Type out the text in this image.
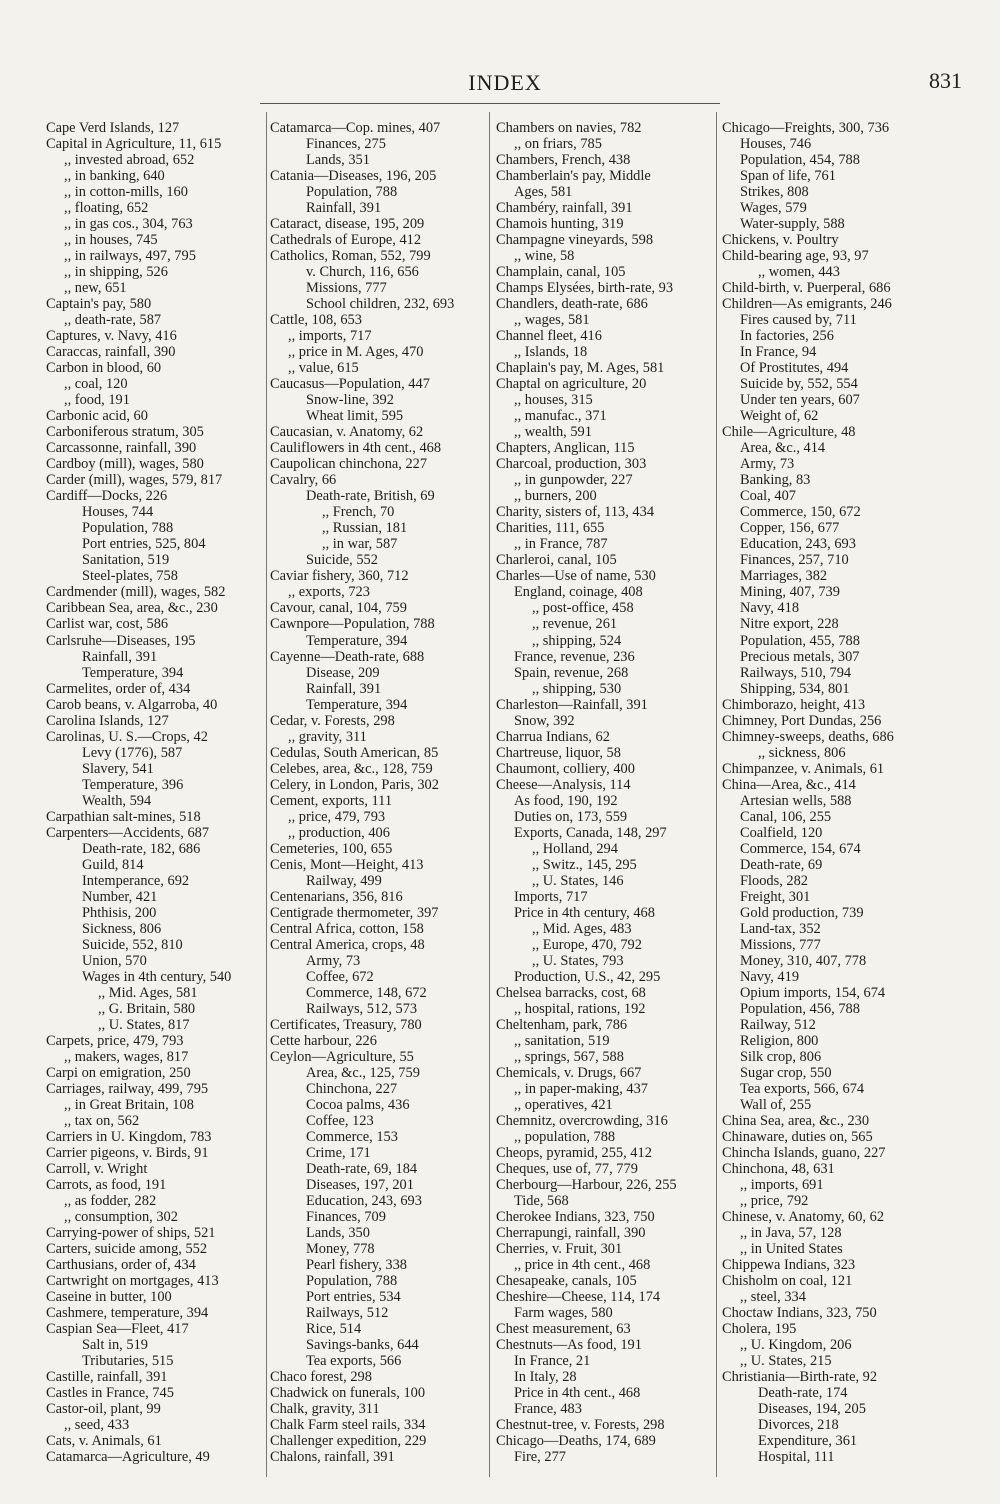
INDEX	831
Cape Verd Islands, 127
Capital in Agriculture, 11, 615
,, invested abroad, 652
,, in banking, 640
,, in cotton-mills, 160
,, floating, 652
,, in gas cos., 304, 763
,, in houses, 745
,, in railways, 497, 795
,, in shipping, 526
,, new, 651
Captain's pay, 580
,, death-rate, 587
Captures, v. Navy, 416
Caraccas, rainfall, 390
Carbon in blood, 60
,, coal, 120
,, food, 191
Carbonic acid, 60
Carboniferous stratum, 305
Carcassonne, rainfall, 390
Cardboy (mill), wages, 580
Carder (mill), wages, 579, 817
Cardiff—Docks, 226
Houses, 744
Population, 788
Port entries, 525, 804
Sanitation, 519
Steel-plates, 758
Cardmender (mill), wages, 582
Caribbean Sea, area, &c., 230
Carlist war, cost, 586
Carlsruhe—Diseases, 195
Rainfall, 391
Temperature, 394
Carmelites, order of, 434
Carob beans, v. Algarroba, 40
Carolina Islands, 127
Carolinas, U. S.—Crops, 42
Levy (1776), 587
Slavery, 541
Temperature, 396
Wealth, 594
Carpathian salt-mines, 518
Carpenters—Accidents, 687
Death-rate, 182, 686
Guild, 814
Intemperance, 692
Number, 421
Phthisis, 200
Sickness, 806
Suicide, 552, 810
Union, 570
Wages in 4th century, 540
,, Mid. Ages, 581
,, G. Britain, 580
,, U. States, 817
Carpets, price, 479, 793
,, makers, wages, 817
Carpi on emigration, 250
Carriages, railway, 499, 795
,, in Great Britain, 108
,, tax on, 562
Carriers in U. Kingdom, 783
Carrier pigeons, v. Birds, 91
Carroll, v. Wright
Carrots, as food, 191
,, as fodder, 282
,, consumption, 302
Carrying-power of ships, 521
Carters, suicide among, 552
Carthusians, order of, 434
Cartwright on mortgages, 413
Caseine in butter, 100
Cashmere, temperature, 394
Caspian Sea—Fleet, 417
Salt in, 519
Tributaries, 515
Castille, rainfall, 391
Castles in France, 745
Castor-oil, plant, 99
,, seed, 433
Cats, v. Animals, 61
Catamarca—Agriculture, 49
Catamarca—Cop. mines, 407
Finances, 275
Lands, 351
Catania—Diseases, 196, 205
Population, 788
Rainfall, 391
Cataract, disease, 195, 209
Cathedrals of Europe, 412
Catholics, Roman, 552, 799
v. Church, 116, 656
Missions, 777
School children, 232, 693
Cattle, 108, 653
,, imports, 717
,, price in M. Ages, 470
,, value, 615
Caucasus—Population, 447
Snow-line, 392
Wheat limit, 595
Caucasian, v. Anatomy, 62
Cauliflowers in 4th cent., 468
Caupolican chinchona, 227
Cavalry, 66
Death-rate, British, 69
,, French, 70
,, Russian, 181
,, in war, 587
Suicide, 552
Caviar fishery, 360, 712
,, exports, 723
Cavour, canal, 104, 759
Cawnpore—Population, 788
Temperature, 394
Cayenne—Death-rate, 688
Disease, 209
Rainfall, 391
Temperature, 394
Cedar, v. Forests, 298
,, gravity, 311
Cedulas, South American, 85
Celebes, area, &c., 128, 759
Celery, in London, Paris, 302
Cement, exports, 111
,, price, 479, 793
,, production, 406
Cemeteries, 100, 655
Cenis, Mont—Height, 413
Railway, 499
Centenarians, 356, 816
Centigrade thermometer, 397
Central Africa, cotton, 158
Central America, crops, 48
Army, 73
Coffee, 672
Commerce, 148, 672
Railways, 512, 573
Certificates, Treasury, 780
Cette harbour, 226
Ceylon—Agriculture, 55
Area, &c., 125, 759
Chinchona, 227
Cocoa palms, 436
Coffee, 123
Commerce, 153
Crime, 171
Death-rate, 69, 184
Diseases, 197, 201
Education, 243, 693
Finances, 709
Lands, 350
Money, 778
Pearl fishery, 338
Population, 788
Port entries, 534
Railways, 512
Rice, 514
Savings-banks, 644
Tea exports, 566
Chaco forest, 298
Chadwick on funerals, 100
Chalk, gravity, 311
Chalk Farm steel rails, 334
Challenger expedition, 229
Chalons, rainfall, 391
Chambers on navies, 782
,, on friars, 785
Chambers, French, 438
Chamberlain's pay, Middle
Ages, 581
Chambéry, rainfall, 391
Chamois hunting, 319
Champagne vineyards, 598
,, wine, 58
Champlain, canal, 105
Champs Elysées, birth-rate, 93
Chandlers, death-rate, 686
,, wages, 581
Channel fleet, 416
,, Islands, 18
Chaplain's pay, M. Ages, 581
Chaptal on agriculture, 20
,, houses, 315
,, manufac., 371
,, wealth, 591
Chapters, Anglican, 115
Charcoal, production, 303
,, in gunpowder, 227
,, burners, 200
Charity, sisters of, 113, 434
Charities, 111, 655
,, in France, 787
Charleroi, canal, 105
Charles—Use of name, 530
England, coinage, 408
,, post-office, 458
,, revenue, 261
,, shipping, 524
France, revenue, 236
Spain, revenue, 268
,, shipping, 530
Charleston—Rainfall, 391
Snow, 392
Charrua Indians, 62
Chartreuse, liquor, 58
Chaumont, colliery, 400
Cheese—Analysis, 114
As food, 190, 192
Duties on, 173, 559
Exports, Canada, 148, 297
,, Holland, 294
,, Switz., 145, 295
,, U. States, 146
Imports, 717
Price in 4th century, 468
,, Mid. Ages, 483
,, Europe, 470, 792
,, U. States, 793
Production, U.S., 42, 295
Chelsea barracks, cost, 68
,, hospital, rations, 192
Cheltenham, park, 786
,, sanitation, 519
,, springs, 567, 588
Chemicals, v. Drugs, 667
,, in paper-making, 437
,, operatives, 421
Chemnitz, overcrowding, 316
,, population, 788
Cheops, pyramid, 255, 412
Cheques, use of, 77, 779
Cherbourg—Harbour, 226, 255
Tide, 568
Cherokee Indians, 323, 750
Cherrapungi, rainfall, 390
Cherries, v. Fruit, 301
,, price in 4th cent., 468
Chesapeake, canals, 105
Cheshire—Cheese, 114, 174
Farm wages, 580
Chest measurement, 63
Chestnuts—As food, 191
In France, 21
In Italy, 28
Price in 4th cent., 468
France, 483
Chestnut-tree, v. Forests, 298
Chicago—Deaths, 174, 689
Fire, 277
Chicago—Freights, 300, 736
Houses, 746
Population, 454, 788
Span of life, 761
Strikes, 808
Wages, 579
Water-supply, 588
Chickens, v. Poultry
Child-bearing age, 93, 97
,, women, 443
Child-birth, v. Puerperal, 686
Children—As emigrants, 246
Fires caused by, 711
In factories, 256
In France, 94
Of Prostitutes, 494
Suicide by, 552, 554
Under ten years, 607
Weight of, 62
Chile—Agriculture, 48
Area, &c., 414
Army, 73
Banking, 83
Coal, 407
Commerce, 150, 672
Copper, 156, 677
Education, 243, 693
Finances, 257, 710
Marriages, 382
Mining, 407, 739
Navy, 418
Nitre export, 228
Population, 455, 788
Precious metals, 307
Railways, 510, 794
Shipping, 534, 801
Chimborazo, height, 413
Chimney, Port Dundas, 256
Chimney-sweeps, deaths, 686
,, sickness, 806
Chimpanzee, v. Animals, 61
China—Area, &c., 414
Artesian wells, 588
Canal, 106, 255
Coalfield, 120
Commerce, 154, 674
Death-rate, 69
Floods, 282
Freight, 301
Gold production, 739
Land-tax, 352
Missions, 777
Money, 310, 407, 778
Navy, 419
Opium imports, 154, 674
Population, 456, 788
Railway, 512
Religion, 800
Silk crop, 806
Sugar crop, 550
Tea exports, 566, 674
Wall of, 255
China Sea, area, &c., 230
Chinaware, duties on, 565
Chincha Islands, guano, 227
Chinchona, 48, 631
,, imports, 691
,, price, 792
Chinese, v. Anatomy, 60, 62
,, in Java, 57, 128
,, in United States
Chippewa Indians, 323
Chisholm on coal, 121
,, steel, 334
Choctaw Indians, 323, 750
Cholera, 195
,, U. Kingdom, 206
,, U. States, 215
Christiania—Birth-rate, 92
Death-rate, 174
Diseases, 194, 205
Divorces, 218
Expenditure, 361
Hospital, 111
